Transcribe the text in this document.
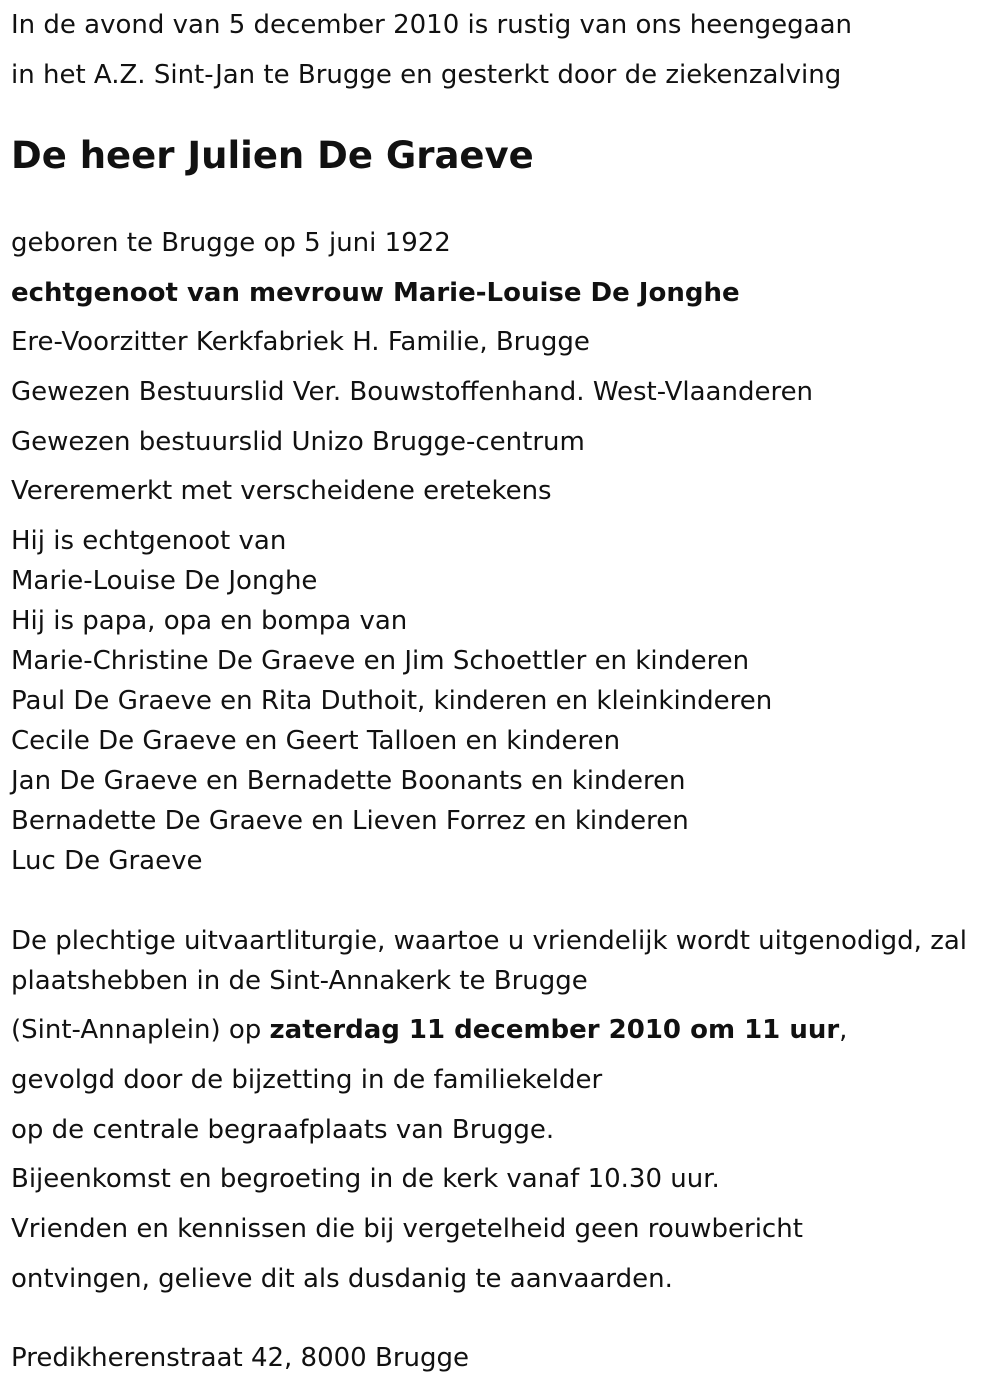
In de avond van 5 december 2010 is rustig van ons heengegaan
in het A.Z. Sint-Jan te Brugge en gesterkt door de ziekenzalving
De heer Julien De Graeve
geboren te Brugge op 5 juni 1922
echtgenoot van mevrouw Marie-Louise De Jonghe
Ere-Voorzitter Kerkfabriek H. Familie, Brugge
Gewezen Bestuurslid Ver. Bouwstoffenhand. West-Vlaanderen
Gewezen bestuurslid Unizo Brugge-centrum
Vereremerkt met verscheidene eretekens
Hij is echtgenoot van
Marie-Louise De Jonghe
Hij is papa, opa en bompa van
Marie-Christine De Graeve en Jim Schoettler en kinderen
Paul De Graeve en Rita Duthoit, kinderen en kleinkinderen
Cecile De Graeve en Geert Talloen en kinderen
Jan De Graeve en Bernadette Boonants en kinderen
Bernadette De Graeve en Lieven Forrez en kinderen
Luc De Graeve
De plechtige uitvaartliturgie, waartoe u vriendelijk wordt uitgenodigd, zal
plaatshebben in de Sint-Annakerk te Brugge
(Sint-Annaplein) op zaterdag 11 december 2010 om 11 uur,
gevolgd door de bijzetting in de familiekelder
op de centrale begraafplaats van Brugge.
Bijeenkomst en begroeting in de kerk vanaf 10.30 uur.
Vrienden en kennissen die bij vergetelheid geen rouwbericht
ontvingen, gelieve dit als dusdanig te aanvaarden.
Predikherenstraat 42, 8000 Brugge
